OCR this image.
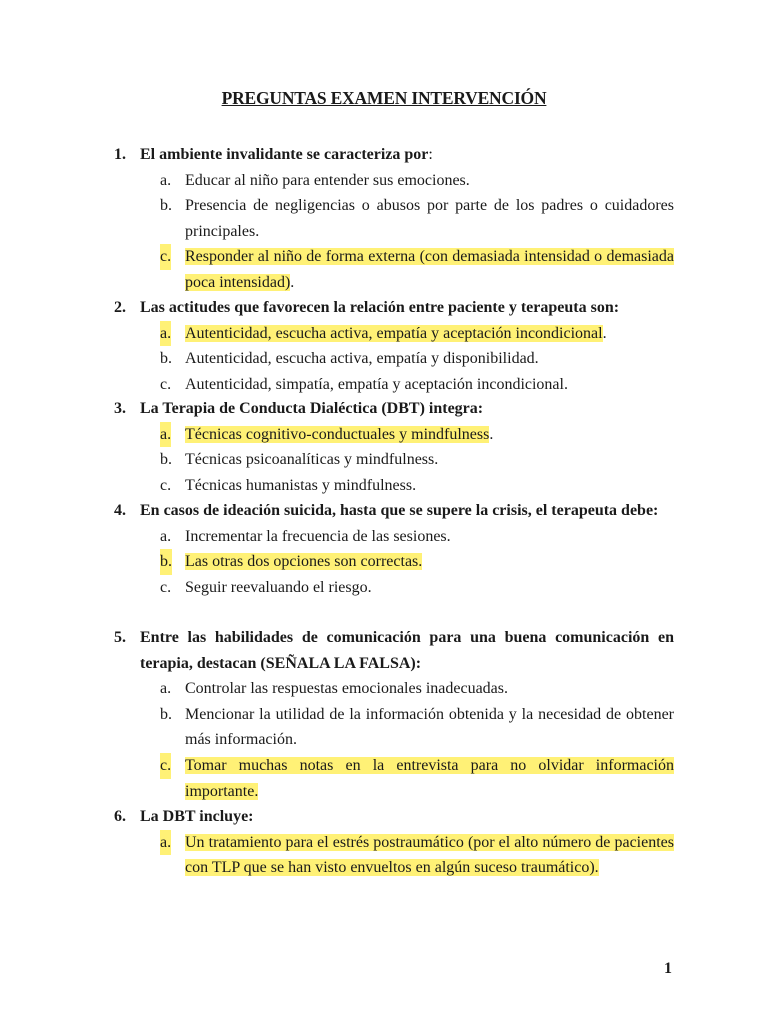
PREGUNTAS EXAMEN INTERVENCIÓN
1. El ambiente invalidante se caracteriza por:
a. Educar al niño para entender sus emociones.
b. Presencia de negligencias o abusos por parte de los padres o cuidadores principales.
c. Responder al niño de forma externa (con demasiada intensidad o demasiada poca intensidad).
2. Las actitudes que favorecen la relación entre paciente y terapeuta son:
a. Autenticidad, escucha activa, empatía y aceptación incondicional.
b. Autenticidad, escucha activa, empatía y disponibilidad.
c. Autenticidad, simpatía, empatía y aceptación incondicional.
3. La Terapia de Conducta Dialéctica (DBT) integra:
a. Técnicas cognitivo-conductuales y mindfulness.
b. Técnicas psicoanalíticas y mindfulness.
c. Técnicas humanistas y mindfulness.
4. En casos de ideación suicida, hasta que se supere la crisis, el terapeuta debe:
a. Incrementar la frecuencia de las sesiones.
b. Las otras dos opciones son correctas.
c. Seguir reevaluando el riesgo.
5. Entre las habilidades de comunicación para una buena comunicación en terapia, destacan (SEÑALA LA FALSA):
a. Controlar las respuestas emocionales inadecuadas.
b. Mencionar la utilidad de la información obtenida y la necesidad de obtener más información.
c. Tomar muchas notas en la entrevista para no olvidar información importante.
6. La DBT incluye:
a. Un tratamiento para el estrés postraumático (por el alto número de pacientes con TLP que se han visto envueltos en algún suceso traumático).
1
